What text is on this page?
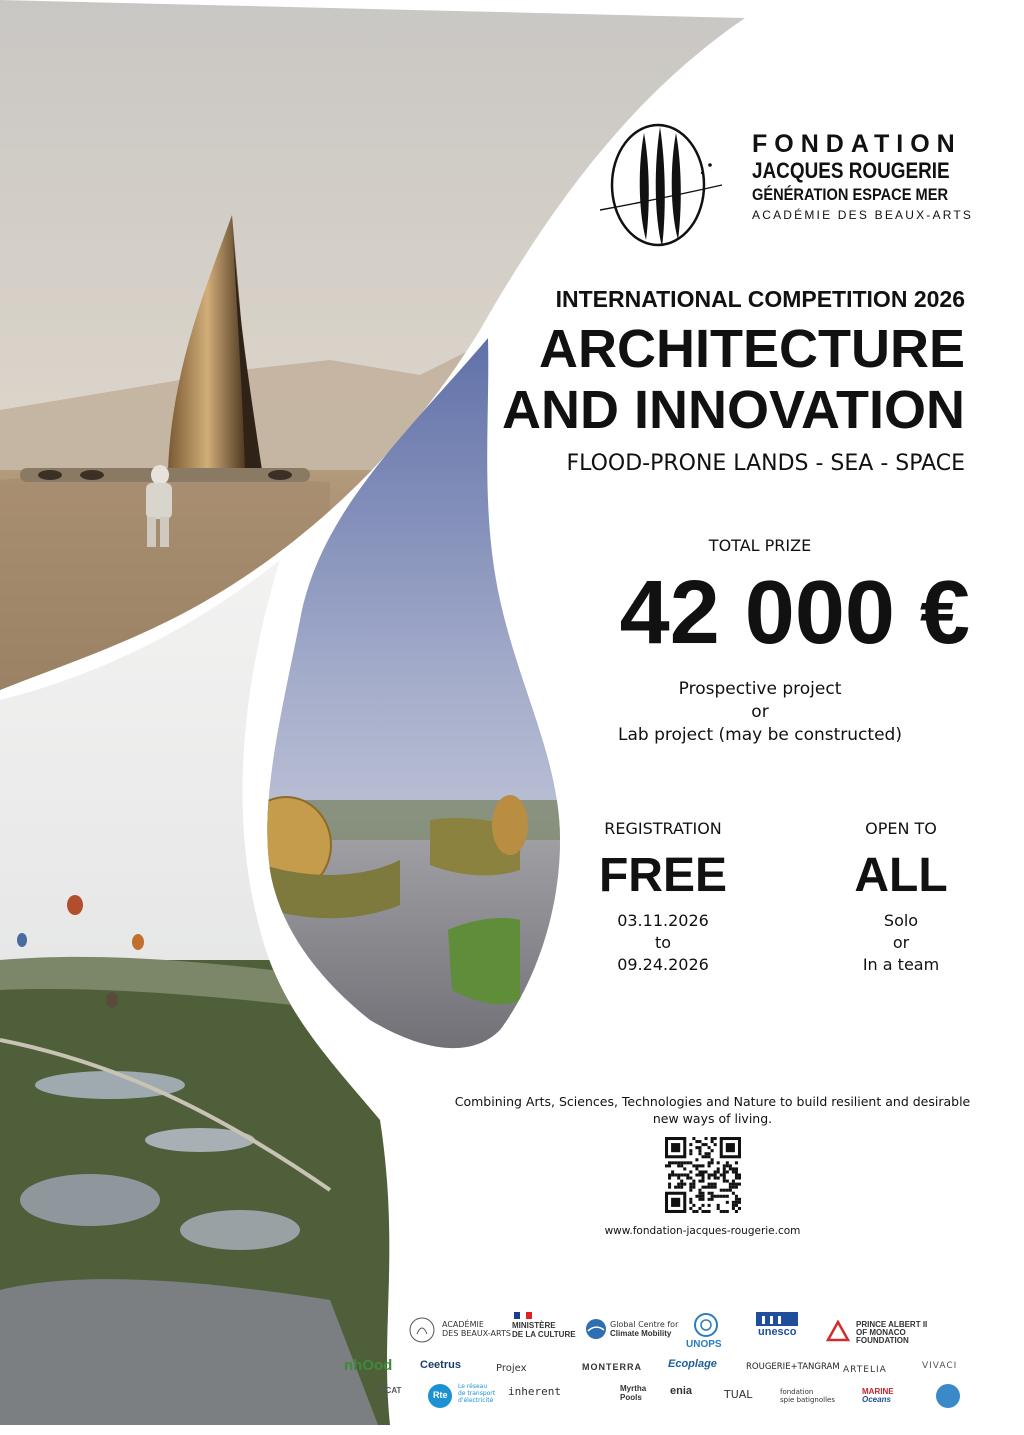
FONDATION
JACQUES ROUGERIE
GÉNÉRATION ESPACE MER
ACADÉMIE DES BEAUX-ARTS
INTERNATIONAL COMPETITION 2026
ARCHITECTURE
AND INNOVATION
FLOOD-PRONE LANDS - SEA - SPACE
TOTAL PRIZE
42 000 €
Prospective project
or
Lab project (may be constructed)
REGISTRATION
FREE
03.11.2026
to
09.24.2026
OPEN TO
ALL
Solo
or
In a team
Combining Arts, Sciences, Technologies and Nature to build resilient and desirable new ways of living.
www.fondation-jacques-rougerie.com
ACADÉMIE
DES BEAUX-ARTS
MINISTÈRE
DE LA CULTURE
Global Centre for
Climate Mobility
UNOPS
unesco
PRINCE ALBERT II
OF MONACO
FOUNDATION
nhOod
VICAT
Ceetrus
Rte
Le réseau
de transport
d'électricité
Projex
inherent
MONTERRA
Myrtha
Pools
Ecoplage
enia
ROUGERIE+TANGRAM
TUAL	fondation
spie batignolles
ARTELIA
MARINE
Oceans
VIVACI
